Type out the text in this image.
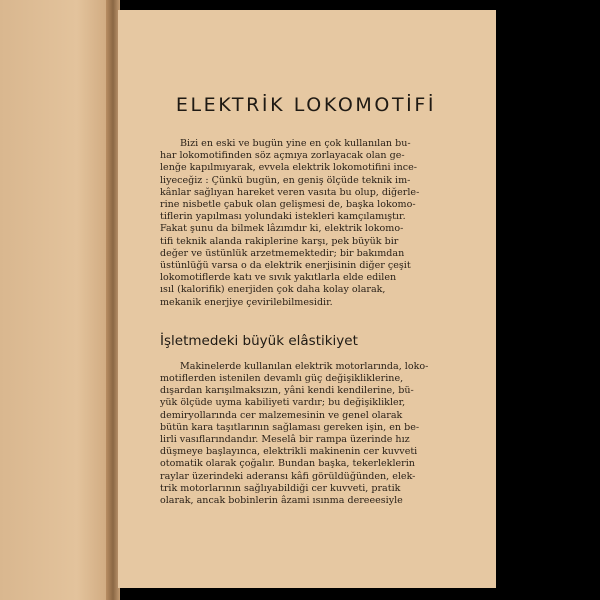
ELEKTRİK LOKOMOTİFİ

Bizi en eski ve bugün yine en çok kullanılan bu-
har lokomotifinden söz açmıya zorlayacak olan ge-
lenğe kapılmıyarak, evvela elektrik lokomotifini ince-
liyeceğiz : Çünkü bugün, en geniş ölçüde teknik im-
kânlar sağlıyan hareket veren vasıta bu olup, diğerle-
rine nisbetle çabuk olan gelişmesi de, başka lokomo-
tiflerin yapılması yolundaki istekleri kamçılamıştır.
Fakat şunu da bilmek lâzımdır ki, elektrik lokomo-
tifi teknik alanda rakiplerine karşı, pek büyük bir
değer ve üstünlük arzetmemektedir; bir bakımdan
üstünlüğü varsa o da elektrik enerjisinin diğer çeşit
lokomotiflerde katı ve sıvık yakıtlarla elde edilen
ısıl (kalorifik) enerjiden çok daha kolay olarak,
mekanik enerjiye çevirilebilmesidir.

İşletmedeki büyük elâstikiyet

Makinelerde kullanılan elektrik motorlarında, loko-
motiflerden istenilen devamlı güç değişikliklerine,
dışardan karışılmaksızın, yâni kendi kendilerine, bü-
yük ölçüde uyma kabiliyeti vardır; bu değişiklikler,
demiryollarında cer malzemesinin ve genel olarak
bütün kara taşıtlarının sağlaması gereken işin, en be-
lirli vasıflarındandır. Meselâ bir rampa üzerinde hız
düşmeye başlayınca, elektrikli makinenin cer kuvveti
otomatik olarak çoğalır. Bundan başka, tekerleklerin
raylar üzerindeki aderansı kâfi görüldüğünden, elek-
trik motorlarının sağlıyabildiği cer kuvveti, pratik
olarak, ancak bobinlerin âzami ısınma dereeesiyle
